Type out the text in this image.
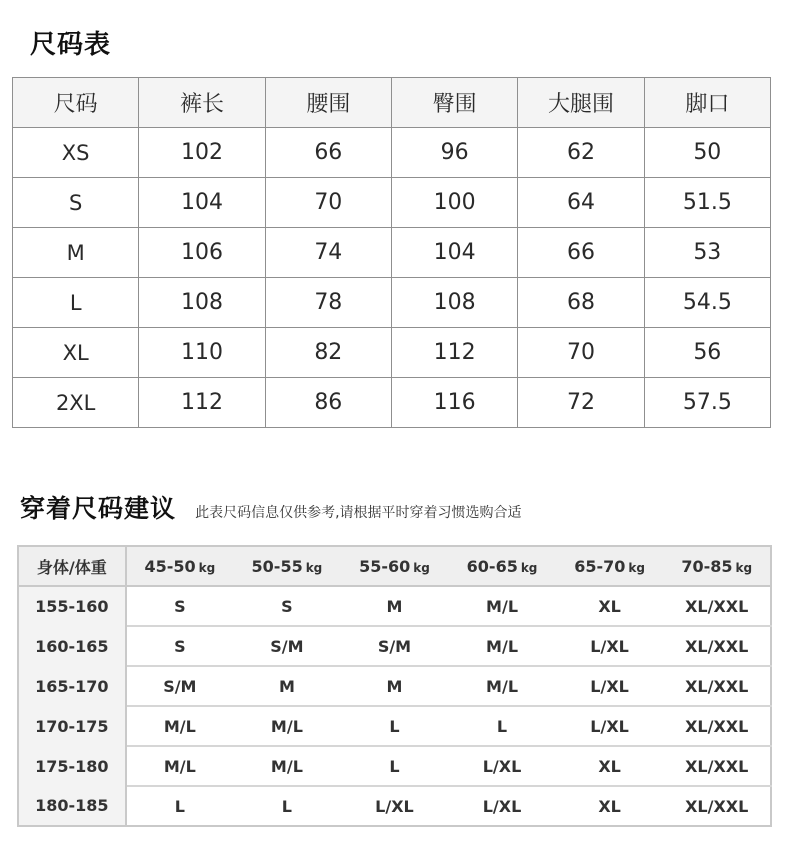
尺码表
尺码	裤长	腰围	臀围	大腿围	脚口
XS	102	66	96	62	50
S	104	70	100	64	51.5
M	106	74	104	66	53
L	108	78	108	68	54.5
XL	110	82	112	70	56
2XL	112	86	116	72	57.5
穿着尺码建议 此表尺码信息仅供参考,请根据平时穿着习惯选购合适
身体/体重	45-50 kg	50-55 kg	55-60 kg	60-65 kg	65-70 kg	70-85 kg
155-160	S	S	M	M/L	XL	XL/XXL
160-165	S	S/M	S/M	M/L	L/XL	XL/XXL
165-170	S/M	M	M	M/L	L/XL	XL/XXL
170-175	M/L	M/L	L	L	L/XL	XL/XXL
175-180	M/L	M/L	L	L/XL	XL	XL/XXL
180-185	L	L	L/XL	L/XL	XL	XL/XXL
